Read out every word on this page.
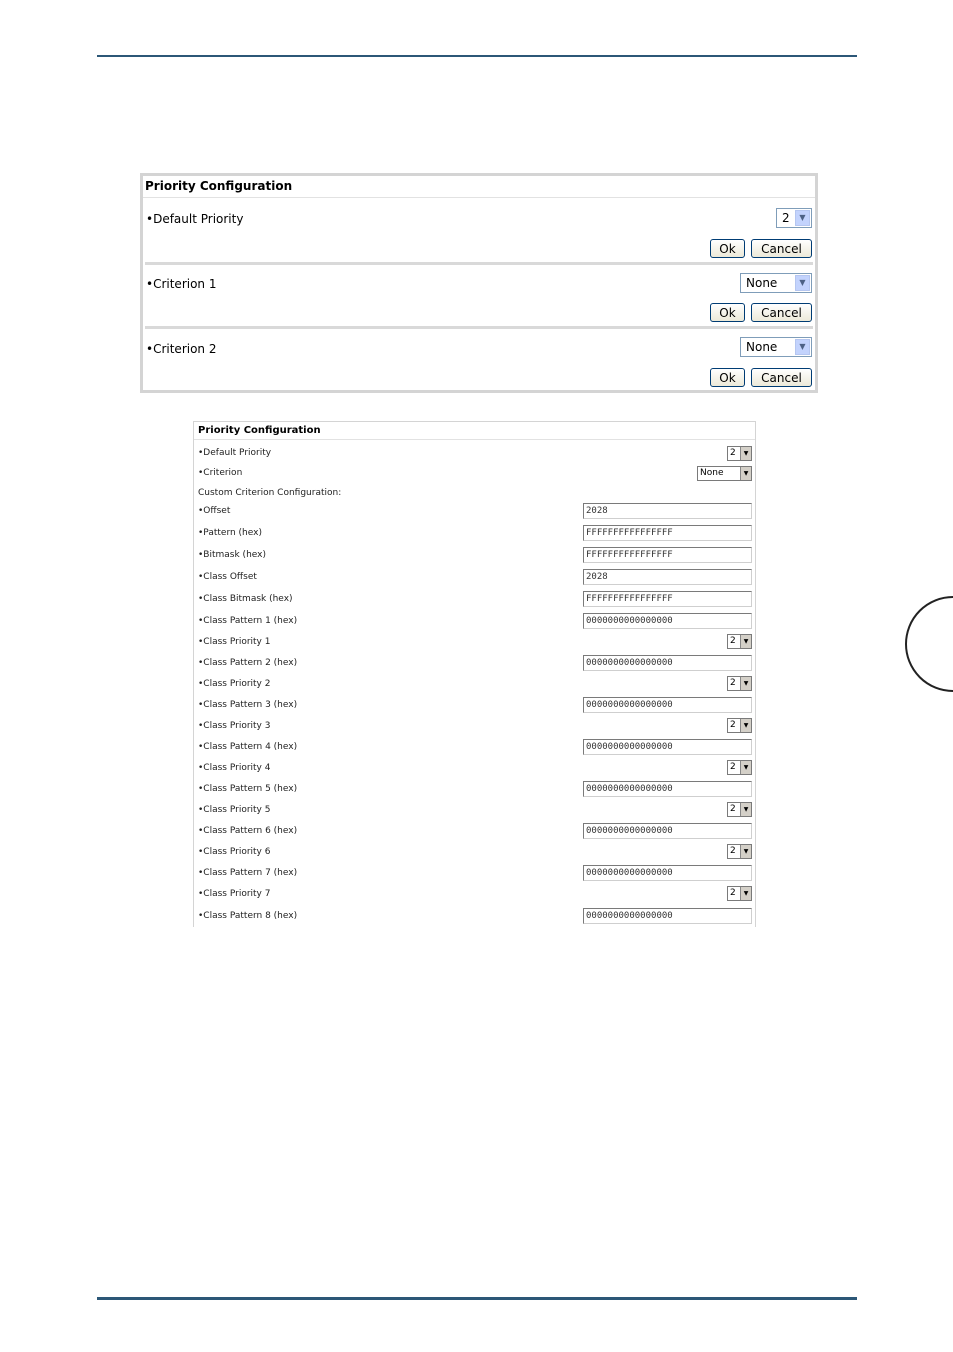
Priority Configuration
•Default Priority	2	▼
Ok	Cancel
•Criterion 1	None	▼
Ok	Cancel
•Criterion 2	None	▼
Ok	Cancel
Priority Configuration
•Default Priority	2	▼
•Criterion	None	▼
Custom Criterion Configuration:
•Offset	2028
•Pattern (hex)	FFFFFFFFFFFFFFFF
•Bitmask (hex)	FFFFFFFFFFFFFFFF
•Class Offset	2028
•Class Bitmask (hex)	FFFFFFFFFFFFFFFF
•Class Pattern 1 (hex)	0000000000000000
•Class Priority 1	2	▼
•Class Pattern 2 (hex)	0000000000000000
•Class Priority 2	2	▼
•Class Pattern 3 (hex)	0000000000000000
•Class Priority 3	2	▼
•Class Pattern 4 (hex)	0000000000000000
•Class Priority 4	2	▼
•Class Pattern 5 (hex)	0000000000000000
•Class Priority 5	2	▼
•Class Pattern 6 (hex)	0000000000000000
•Class Priority 6	2	▼
•Class Pattern 7 (hex)	0000000000000000
•Class Priority 7	2	▼
•Class Pattern 8 (hex)	0000000000000000
